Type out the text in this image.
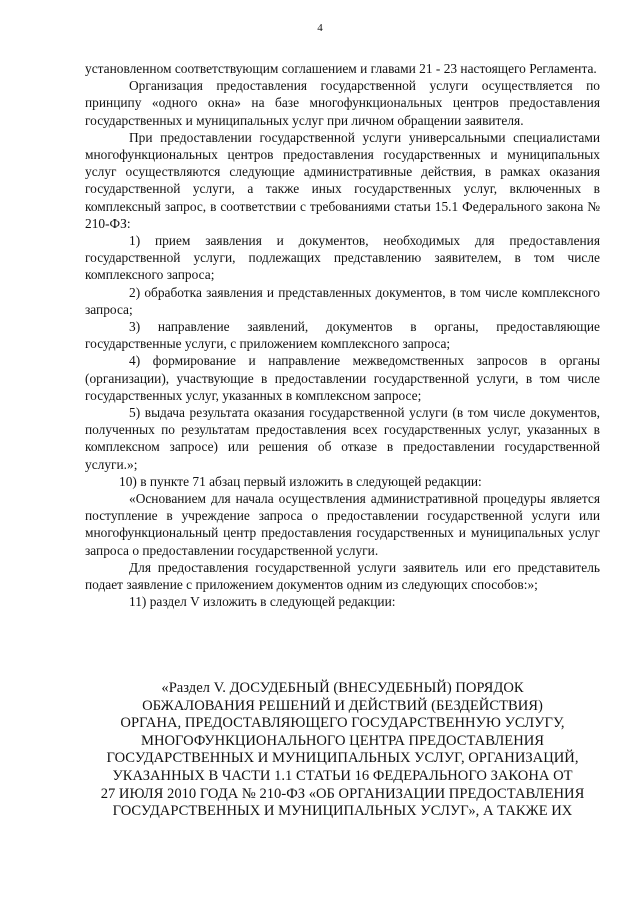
4

установленном соответствующим соглашением и главами 21 - 23 настоящего Регламента.

Организация предоставления государственной услуги осуществляется по принципу «одного окна» на базе многофункциональных центров предоставления государственных и муниципальных услуг при личном обращении заявителя.

При предоставлении государственной услуги универсальными специалистами многофункциональных центров предоставления государственных и муниципальных услуг осуществляются следующие административные действия, в рамках оказания государственной услуги, а также иных государственных услуг, включенных в комплексный запрос, в соответствии с требованиями статьи 15.1 Федерального закона № 210-ФЗ:

1) прием заявления и документов, необходимых для предоставления государственной услуги, подлежащих представлению заявителем, в том числе комплексного запроса;

2) обработка заявления и представленных документов, в том числе комплексного запроса;

3) направление заявлений, документов в органы, предоставляющие государственные услуги, с приложением комплексного запроса;

4) формирование и направление межведомственных запросов в органы (организации), участвующие в предоставлении государственной услуги, в том числе государственных услуг, указанных в комплексном запросе;

5) выдача результата оказания государственной услуги (в том числе документов, полученных по результатам предоставления всех государственных услуг, указанных в комплексном запросе) или решения об отказе в предоставлении государственной услуги.»;

10) в пункте 71 абзац первый изложить в следующей редакции:

«Основанием для начала осуществления административной процедуры является поступление в учреждение запроса о предоставлении государственной услуги или многофункциональный центр предоставления государственных и муниципальных услуг запроса о предоставлении государственной услуги.

Для предоставления государственной услуги заявитель или его представитель подает заявление с приложением документов одним из следующих способов:»;

11) раздел V изложить в следующей редакции:

«Раздел V. ДОСУДЕБНЫЙ (ВНЕСУДЕБНЫЙ) ПОРЯДОК
ОБЖАЛОВАНИЯ РЕШЕНИЙ И ДЕЙСТВИЙ (БЕЗДЕЙСТВИЯ)
ОРГАНА, ПРЕДОСТАВЛЯЮЩЕГО ГОСУДАРСТВЕННУЮ УСЛУГУ,
МНОГОФУНКЦИОНАЛЬНОГО ЦЕНТРА ПРЕДОСТАВЛЕНИЯ
ГОСУДАРСТВЕННЫХ И МУНИЦИПАЛЬНЫХ УСЛУГ, ОРГАНИЗАЦИЙ,
УКАЗАННЫХ В ЧАСТИ 1.1 СТАТЬИ 16 ФЕДЕРАЛЬНОГО ЗАКОНА ОТ
27 ИЮЛЯ 2010 ГОДА № 210-ФЗ «ОБ ОРГАНИЗАЦИИ ПРЕДОСТАВЛЕНИЯ
ГОСУДАРСТВЕННЫХ И МУНИЦИПАЛЬНЫХ УСЛУГ», А ТАКЖЕ ИХ
